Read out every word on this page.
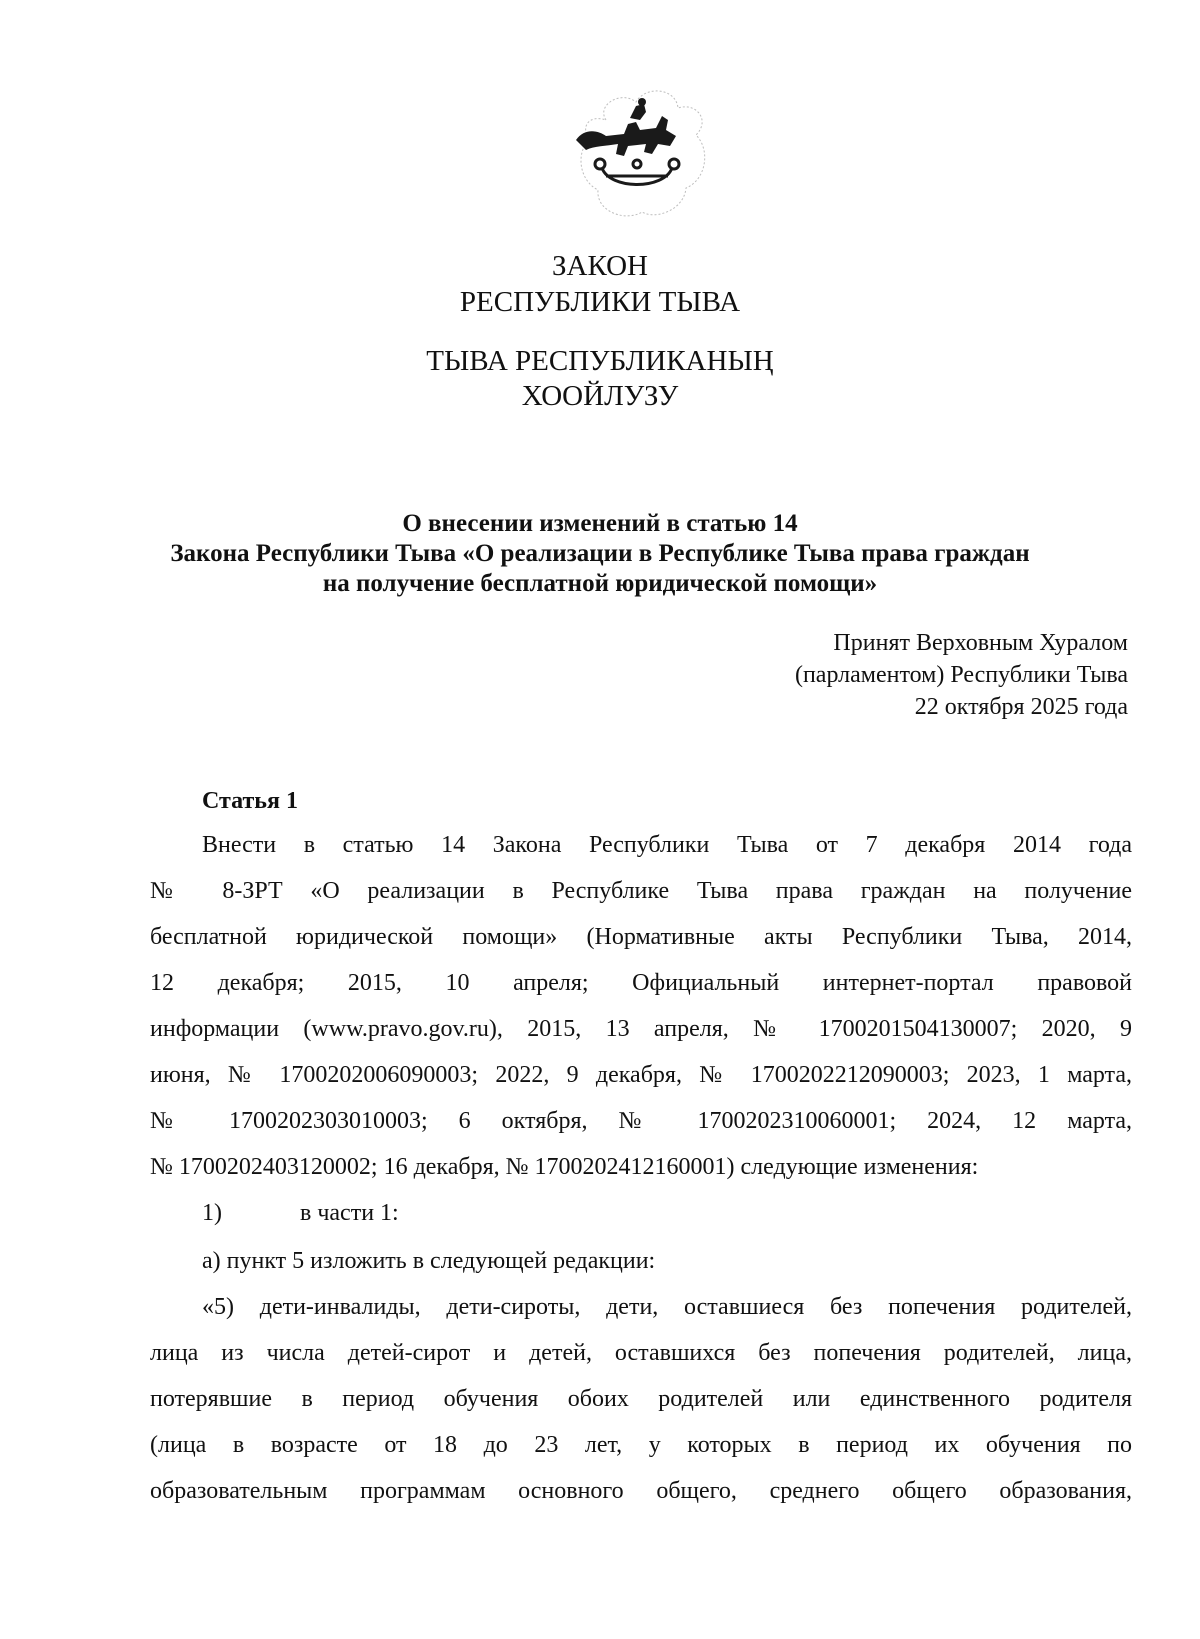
ЗАКОН
РЕСПУБЛИКИ ТЫВА
ТЫВА РЕСПУБЛИКАНЫҢ
ХООЙЛУЗУ
О внесении изменений в статью 14
Закона Республики Тыва «О реализации в Республике Тыва права граждан
на получение бесплатной юридической помощи»
Принят Верховным Хуралом
(парламентом) Республики Тыва
22 октября 2025 года
Статья 1
Внести в статью 14 Закона Республики Тыва от 7 декабря 2014 года
№ 8-ЗРТ «О реализации в Республике Тыва права граждан на получение
бесплатной юридической помощи» (Нормативные акты Республики Тыва, 2014,
12 декабря; 2015, 10 апреля; Официальный интернет-портал правовой
информации (www.pravo.gov.ru), 2015, 13 апреля, № 1700201504130007; 2020, 9
июня, № 1700202006090003; 2022, 9 декабря, № 1700202212090003; 2023, 1 марта,
№ 1700202303010003; 6 октября, № 1700202310060001; 2024, 12 марта,
№ 1700202403120002; 16 декабря, № 1700202412160001) следующие изменения:
1)	в части 1:
а) пункт 5 изложить в следующей редакции:
«5) дети-инвалиды, дети-сироты, дети, оставшиеся без попечения родителей,
лица из числа детей-сирот и детей, оставшихся без попечения родителей, лица,
потерявшие в период обучения обоих родителей или единственного родителя
(лица в возрасте от 18 до 23 лет, у которых в период их обучения по
образовательным программам основного общего, среднего общего образования,
